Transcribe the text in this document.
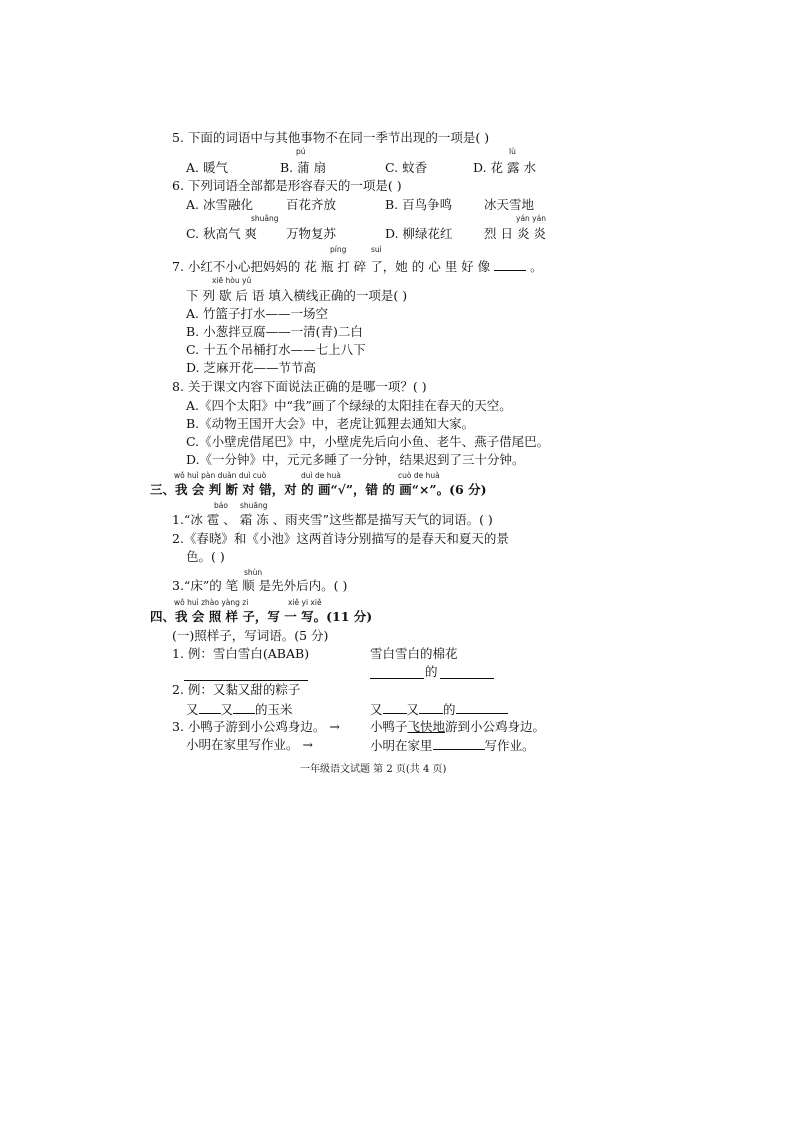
5. 下面的词语中与其他事物不在同一季节出现的一项是( )
pú	lù
A. 暖气	B. 蒲 扇	C. 蚊香	D. 花 露 水
6. 下列词语全部都是形容春天的一项是( )
A. 冰雪融化	百花齐放	B. 百鸟争鸣	冰天雪地
shuǎng	yán yán
C. 秋高气 爽 万物复苏	D. 柳绿花红	烈 日 炎 炎
píng	suì
7. 小红不小心把妈妈的 花 瓶 打 碎 了，她 的 心 里 好 像	。
xiē hòu yǔ
下 列 歇 后 语 填入横线正确的一项是( )
A. 竹篮子打水——一场空
B. 小葱拌豆腐——一清(青)二白
C. 十五个吊桶打水——七上八下
D. 芝麻开花——节节高
8. 关于课文内容下面说法正确的是哪一项？( )
A.《四个太阳》中“我”画了个绿绿的太阳挂在春天的天空。
B.《动物王国开大会》中，老虎让狐狸去通知大家。
C.《小壁虎借尾巴》中，小壁虎先后向小鱼、老牛、燕子借尾巴。
D.《一分钟》中，元元多睡了一分钟，结果迟到了三十分钟。
wǒ huì pàn duàn duì cuò	duì de huà	cuò de huà
三、我 会 判 断 对 错，对 的 画“√”，错 的 画“×”。(6 分)
báo shuāng
1.“冰 雹 、 霜 冻 、雨夹雪”这些都是描写天气的词语。( )
2.《春晓》和《小池》这两首诗分别描写的是春天和夏天的景
色。( )
shùn
3.“床”的 笔 顺 是先外后内。( )
wǒ huì zhào yàng zi	xiě yi xiě
四、我 会 照 样 子，写 一 写。(11 分)
(一)照样子，写词语。(5 分)
1. 例：雪白雪白(ABAB)	雪白雪白的棉花
的
2. 例：又黏又甜的粽子
又 又 的玉米	又 又 的
3. 小鸭子游到小公鸡身边。 → 小鸭子飞快地游到小公鸡身边。
小明在家里写作业。 →	小明在家里	写作业。
一年级语文试题 第 2 页(共 4 页)
